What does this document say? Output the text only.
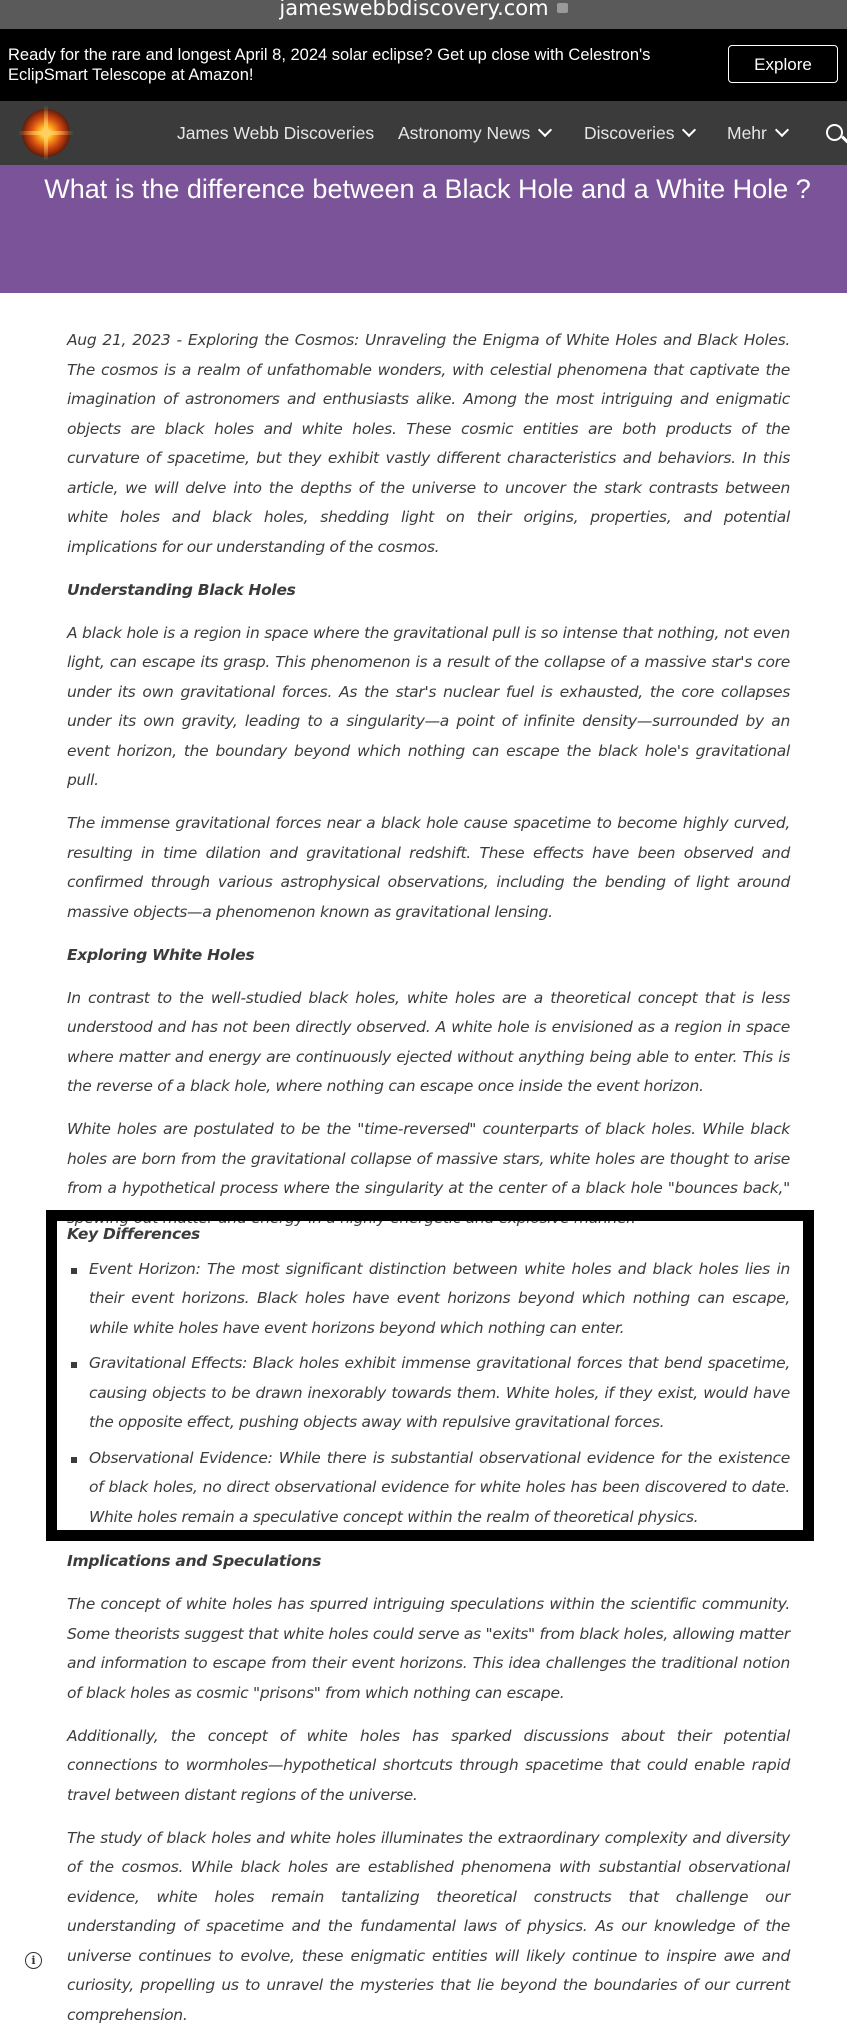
jameswebbdiscovery.com
Ready for the rare and longest April 8, 2024 solar eclipse? Get up close with Celestron's EclipSmart Telescope at Amazon!
Explore
James Webb Discoveries Astronomy News	Discoveries	Mehr
What is the difference between a Black Hole and a White Hole ?

Aug 21, 2023 - Exploring the Cosmos: Unraveling the Enigma of White Holes and Black Holes. The cosmos is a realm of unfathomable wonders, with celestial phenomena that captivate the imagination of astronomers and enthusiasts alike. Among the most intriguing and enigmatic objects are black holes and white holes. These cosmic entities are both products of the curvature of spacetime, but they exhibit vastly different characteristics and behaviors. In this article, we will delve into the depths of the universe to uncover the stark contrasts between white holes and black holes, shedding light on their origins, properties, and potential implications for our understanding of the cosmos.

Understanding Black Holes

A black hole is a region in space where the gravitational pull is so intense that nothing, not even light, can escape its grasp. This phenomenon is a result of the collapse of a massive star's core under its own gravitational forces. As the star's nuclear fuel is exhausted, the core collapses under its own gravity, leading to a singularity—a point of infinite density—surrounded by an event horizon, the boundary beyond which nothing can escape the black hole's gravitational pull.

The immense gravitational forces near a black hole cause spacetime to become highly curved, resulting in time dilation and gravitational redshift. These effects have been observed and confirmed through various astrophysical observations, including the bending of light around massive objects—a phenomenon known as gravitational lensing.

Exploring White Holes

In contrast to the well-studied black holes, white holes are a theoretical concept that is less understood and has not been directly observed. A white hole is envisioned as a region in space where matter and energy are continuously ejected without anything being able to enter. This is the reverse of a black hole, where nothing can escape once inside the event horizon.

White holes are postulated to be the "time-reversed" counterparts of black holes. While black holes are born from the gravitational collapse of massive stars, white holes are thought to arise from a hypothetical process where the singularity at the center of a black hole "bounces back," spewing out matter and energy in a highly energetic and explosive manner.

Key Differences
Event Horizon: The most significant distinction between white holes and black holes lies in their event horizons. Black holes have event horizons beyond which nothing can escape, while white holes have event horizons beyond which nothing can enter.
Gravitational Effects: Black holes exhibit immense gravitational forces that bend spacetime, causing objects to be drawn inexorably towards them. White holes, if they exist, would have the opposite effect, pushing objects away with repulsive gravitational forces.
Observational Evidence: While there is substantial observational evidence for the existence of black holes, no direct observational evidence for white holes has been discovered to date. White holes remain a speculative concept within the realm of theoretical physics.
Implications and Speculations

The concept of white holes has spurred intriguing speculations within the scientific community. Some theorists suggest that white holes could serve as "exits" from black holes, allowing matter and information to escape from their event horizons. This idea challenges the traditional notion of black holes as cosmic "prisons" from which nothing can escape.

Additionally, the concept of white holes has sparked discussions about their potential connections to wormholes—hypothetical shortcuts through spacetime that could enable rapid travel between distant regions of the universe.

The study of black holes and white holes illuminates the extraordinary complexity and diversity of the cosmos. While black holes are established phenomena with substantial observational evidence, white holes remain tantalizing theoretical constructs that challenge our understanding of spacetime and the fundamental laws of physics. As our knowledge of the universe continues to evolve, these enigmatic entities will likely continue to inspire awe and curiosity, propelling us to unravel the mysteries that lie beyond the boundaries of our current comprehension.

i
